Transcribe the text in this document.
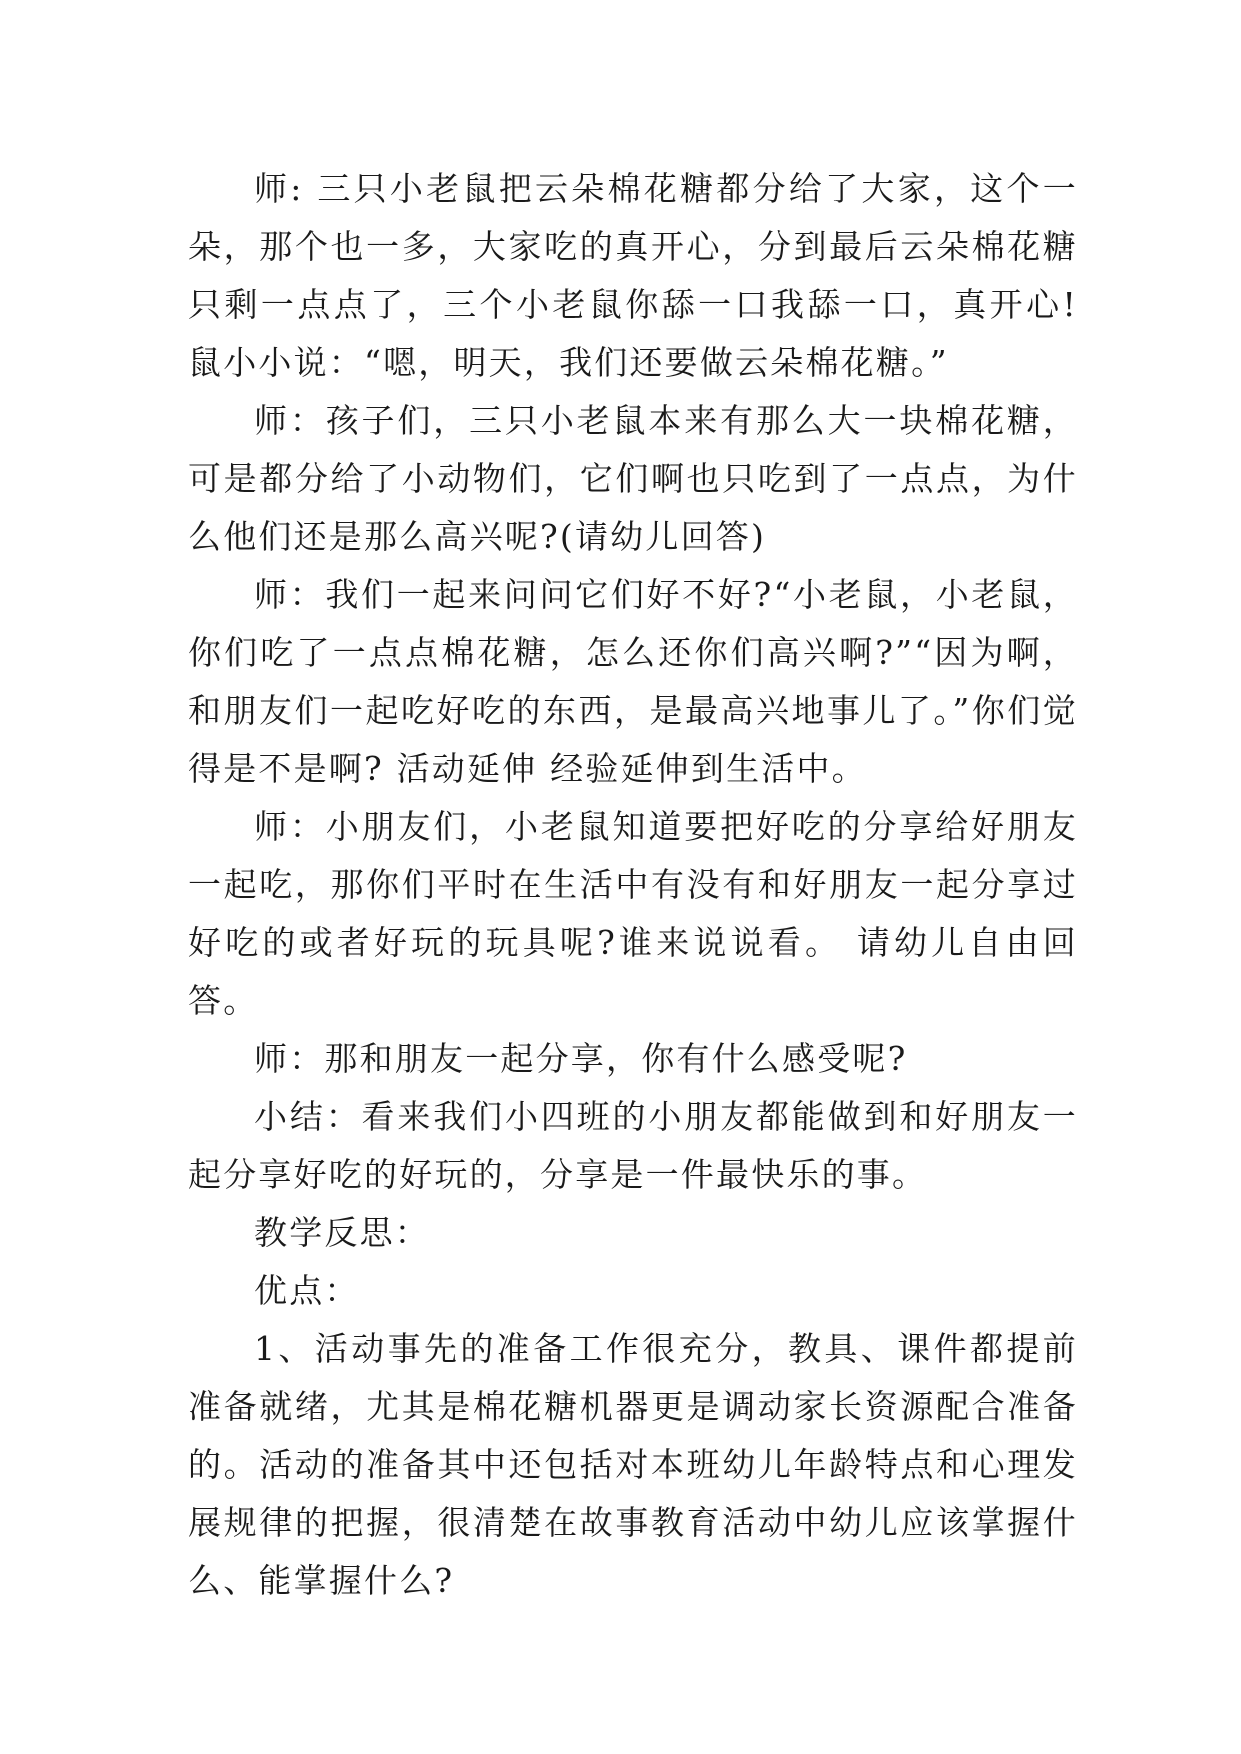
师: 三只小老鼠把云朵棉花糖都分给了大家，这个一朵，那个也一多，大家吃的真开心，分到最后云朵棉花糖只剩一点点了，三个小老鼠你舔一口我舔一口，真开心!鼠小小说：“嗯，明天，我们还要做云朵棉花糖。”

师：孩子们，三只小老鼠本来有那么大一块棉花糖，可是都分给了小动物们，它们啊也只吃到了一点点，为什么他们还是那么高兴呢?(请幼儿回答)

师：我们一起来问问它们好不好?“小老鼠，小老鼠，你们吃了一点点棉花糖，怎么还你们高兴啊?”“因为啊，和朋友们一起吃好吃的东西，是最高兴地事儿了。”你们觉得是不是啊? 活动延伸 经验延伸到生活中。

师：小朋友们，小老鼠知道要把好吃的分享给好朋友一起吃，那你们平时在生活中有没有和好朋友一起分享过好吃的或者好玩的玩具呢?谁来说说看。 请幼儿自由回答。

师：那和朋友一起分享，你有什么感受呢?

小结：看来我们小四班的小朋友都能做到和好朋友一起分享好吃的好玩的，分享是一件最快乐的事。

教学反思：

优点：

1、活动事先的准备工作很充分，教具、课件都提前准备就绪，尤其是棉花糖机器更是调动家长资源配合准备的。活动的准备其中还包括对本班幼儿年龄特点和心理发展规律的把握，很清楚在故事教育活动中幼儿应该掌握什么、能掌握什么?
